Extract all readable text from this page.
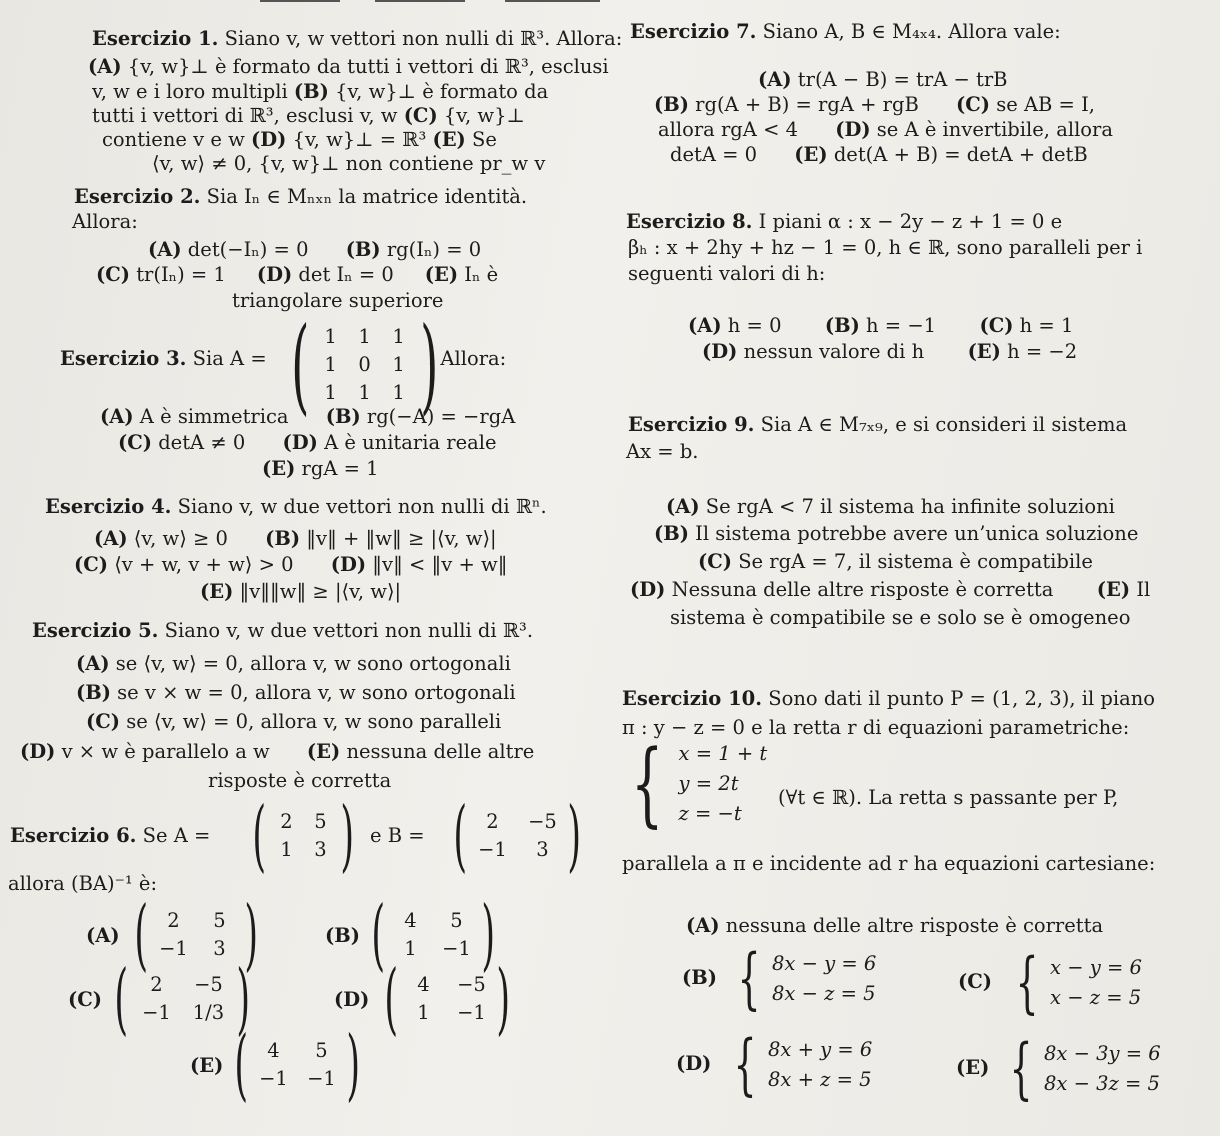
Esercizio 1. Siano v, w vettori non nulli di ℝ³. Allora:
(A) {v, w}⊥ è formato da tutti i vettori di ℝ³, esclusi
v, w e i loro multipli (B) {v, w}⊥ è formato da
tutti i vettori di ℝ³, esclusi v, w (C) {v, w}⊥
contiene v e w (D) {v, w}⊥ = ℝ³ (E) Se
⟨v, w⟩ ≠ 0, {v, w}⊥ non contiene pr_w v
Esercizio 2. Sia Iₙ ∈ Mₙₓₙ la matrice identità.
Allora:
(A) det(−Iₙ) = 0 (B) rg(Iₙ) = 0
(C) tr(Iₙ) = 1 (D) det Iₙ = 0 (E) Iₙ è
triangolare superiore
Esercizio 3. Sia A = ( 1 1 1
1 0 1
1 1 1 )
. Allora:
(A) A è simmetrica (B) rg(−A) = −rgA
(C) detA ≠ 0 (D) A è unitaria reale
(E) rgA = 1
Esercizio 4. Siano v, w due vettori non nulli di ℝⁿ.
(A) ⟨v, w⟩ ≥ 0 (B) ‖v‖ + ‖w‖ ≥ |⟨v, w⟩|
(C) ⟨v + w, v + w⟩ > 0 (D) ‖v‖ < ‖v + w‖
(E) ‖v‖‖w‖ ≥ |⟨v, w⟩|
Esercizio 5. Siano v, w due vettori non nulli di ℝ³.
(A) se ⟨v, w⟩ = 0, allora v, w sono ortogonali
(B) se v × w = 0, allora v, w sono ortogonali
(C) se ⟨v, w⟩ = 0, allora v, w sono paralleli
(D) v × w è parallelo a w (E) nessuna delle altre
risposte è corretta
Esercizio 6. Se A = ( 2 5
1 3 ) e B = ( 2	−5
−1	3 )
allora (BA)⁻¹ è:
(A) ( 2	5
−1	3 )	(B) ( 4	5
1	−1 )
(C) (	2	−5
−1 1/3 )	(D) ( 4	−5
1	−1 )
(E) ( 4	5
−1 −1 )
Esercizio 7. Siano A, B ∈ M₄ₓ₄. Allora vale:
(A) tr(A − B) = trA − trB
(B) rg(A + B) = rgA + rgB (C) se AB = I,
allora rgA < 4 (D) se A è invertibile, allora
detA = 0 (E) det(A + B) = detA + detB
Esercizio 8. I piani α : x − 2y − z + 1 = 0 e
βₕ : x + 2hy + hz − 1 = 0, h ∈ ℝ, sono paralleli per i
seguenti valori di h:
(A) h = 0 (B) h = −1 (C) h = 1
(D) nessun valore di h (E) h = −2
Esercizio 9. Sia A ∈ M₇ₓ₉, e si consideri il sistema
Ax = b.
(A) Se rgA < 7 il sistema ha infinite soluzioni
(B) Il sistema potrebbe avere un’unica soluzione
(C) Se rgA = 7, il sistema è compatibile
(D) Nessuna delle altre risposte è corretta (E) Il
sistema è compatibile se e solo se è omogeneo
Esercizio 10. Sono dati il punto P = (1, 2, 3), il piano
π : y − z = 0 e la retta r di equazioni parametriche:
{ x = 1 + t
y = 2t
z = −t
(∀t ∈ ℝ). La retta s passante per P,
parallela a π e incidente ad r ha equazioni cartesiane:
(A) nessuna delle altre risposte è corretta
(B) { 8x − y = 6
8x − z = 5
(C) { x − y = 6
x − z = 5
(D) { 8x + y = 6
8x + z = 5
(E) { 8x − 3y = 6
8x − 3z = 5
